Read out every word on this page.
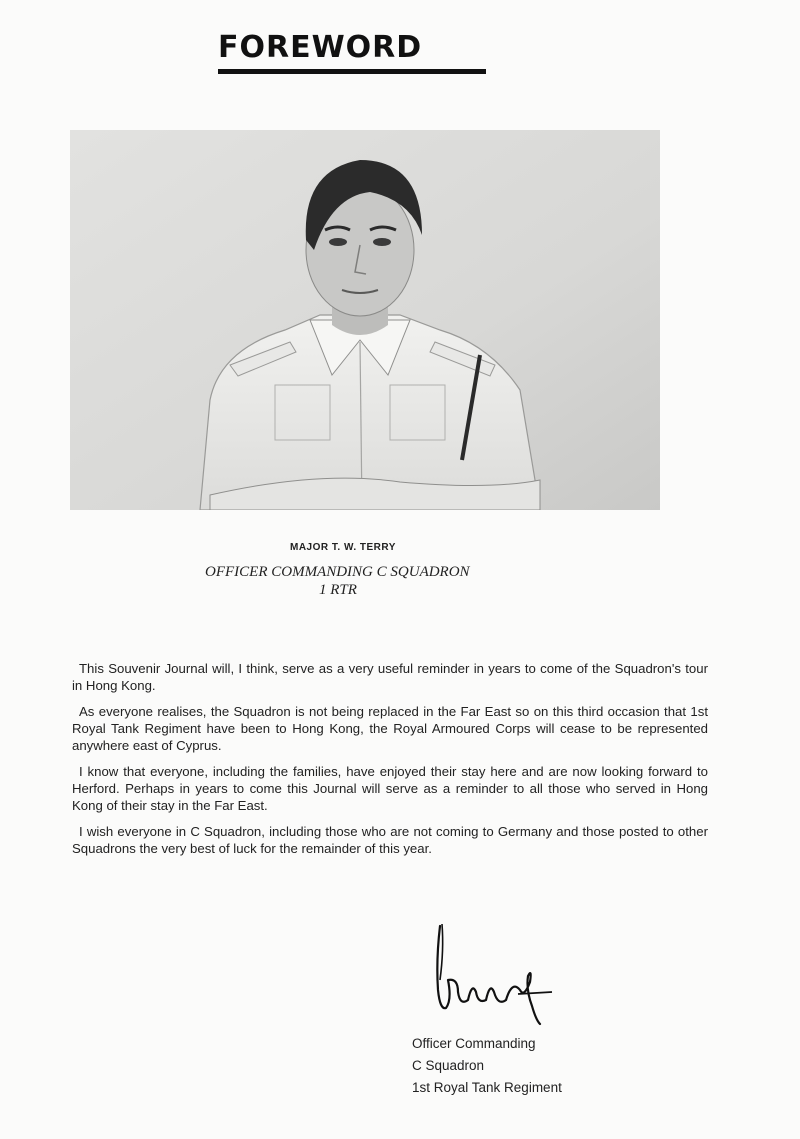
FOREWORD
MAJOR T. W. TERRY
OFFICER COMMANDING C SQUADRON
1 RTR

This Souvenir Journal will, I think, serve as a very useful reminder in years to come of the Squadron's tour in Hong Kong.

As everyone realises, the Squadron is not being replaced in the Far East so on this third occasion that 1st Royal Tank Regiment have been to Hong Kong, the Royal Armoured Corps will cease to be represented anywhere east of Cyprus.

I know that everyone, including the families, have enjoyed their stay here and are now looking forward to Herford. Perhaps in years to come this Journal will serve as a reminder to all those who served in Hong Kong of their stay in the Far East.

I wish everyone in C Squadron, including those who are not coming to Germany and those posted to other Squadrons the very best of luck for the remainder of this year.

Officer Commanding
C Squadron
1st Royal Tank Regiment
